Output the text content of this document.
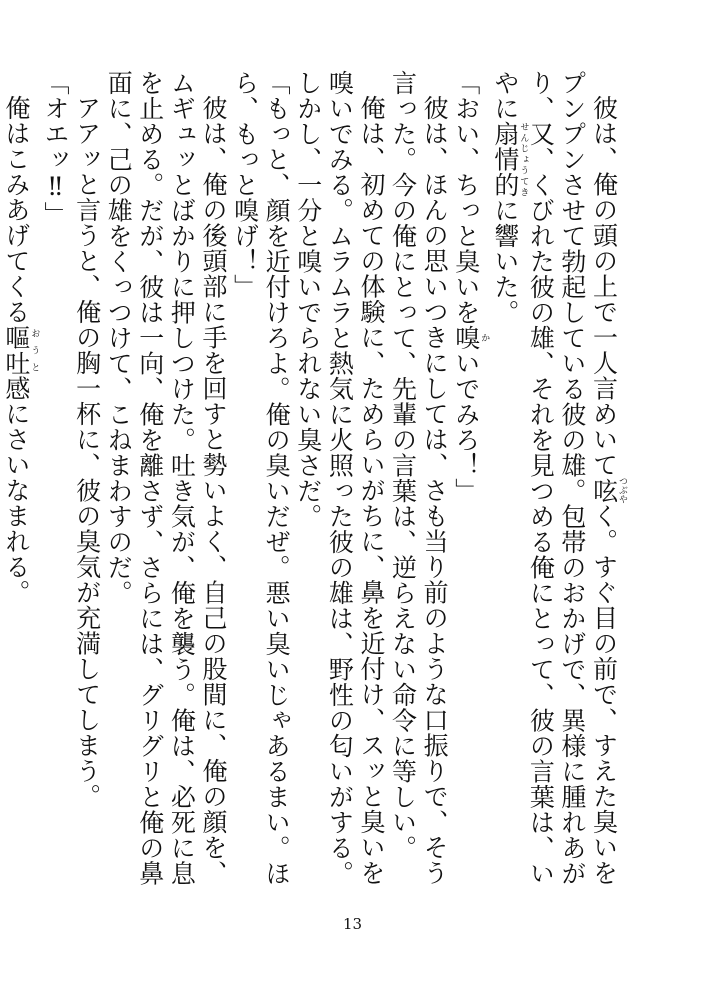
彼は、俺の頭の上で一人言めいて呟つぶやく。すぐ目の前で、すえた臭いをプンプンさせて勃起している彼の雄。包帯のおかげで、異様に腫れあがり、又、くびれた彼の雄、それを見つめる俺にとって、彼の言葉は、いやに扇情的せんじょうてきに響いた。

「おい、ちっと臭いを嗅かいでみろ！」

彼は、ほんの思いつきにしては、さも当り前のような口振りで、そう言った。今の俺にとって、先輩の言葉は、逆らえない命令に等しい。

俺は、初めての体験に、ためらいがちに、鼻を近付け、スッと臭いを嗅いでみる。ムラムラと熱気に火照った彼の雄は、野性の匂いがする。しかし、一分と嗅いでられない臭さだ。

「もっと、顔を近付けろよ。俺の臭いだぜ。悪い臭いじゃあるまい。ほら、もっと嗅げ！」

彼は、俺の後頭部に手を回すと勢いよく、自己の股間に、俺の顔を、ムギュッとばかりに押しつけた。吐き気が、俺を襲う。俺は、必死に息を止める。だが、彼は一向、俺を離さず、さらには、グリグリと俺の鼻面に、己の雄をくっつけて、こねまわすのだ。

アアッと言うと、俺の胸一杯に、彼の臭気が充満してしまう。

「オエッ‼」

俺はこみあげてくる嘔吐おうと感にさいなまれる。

13
